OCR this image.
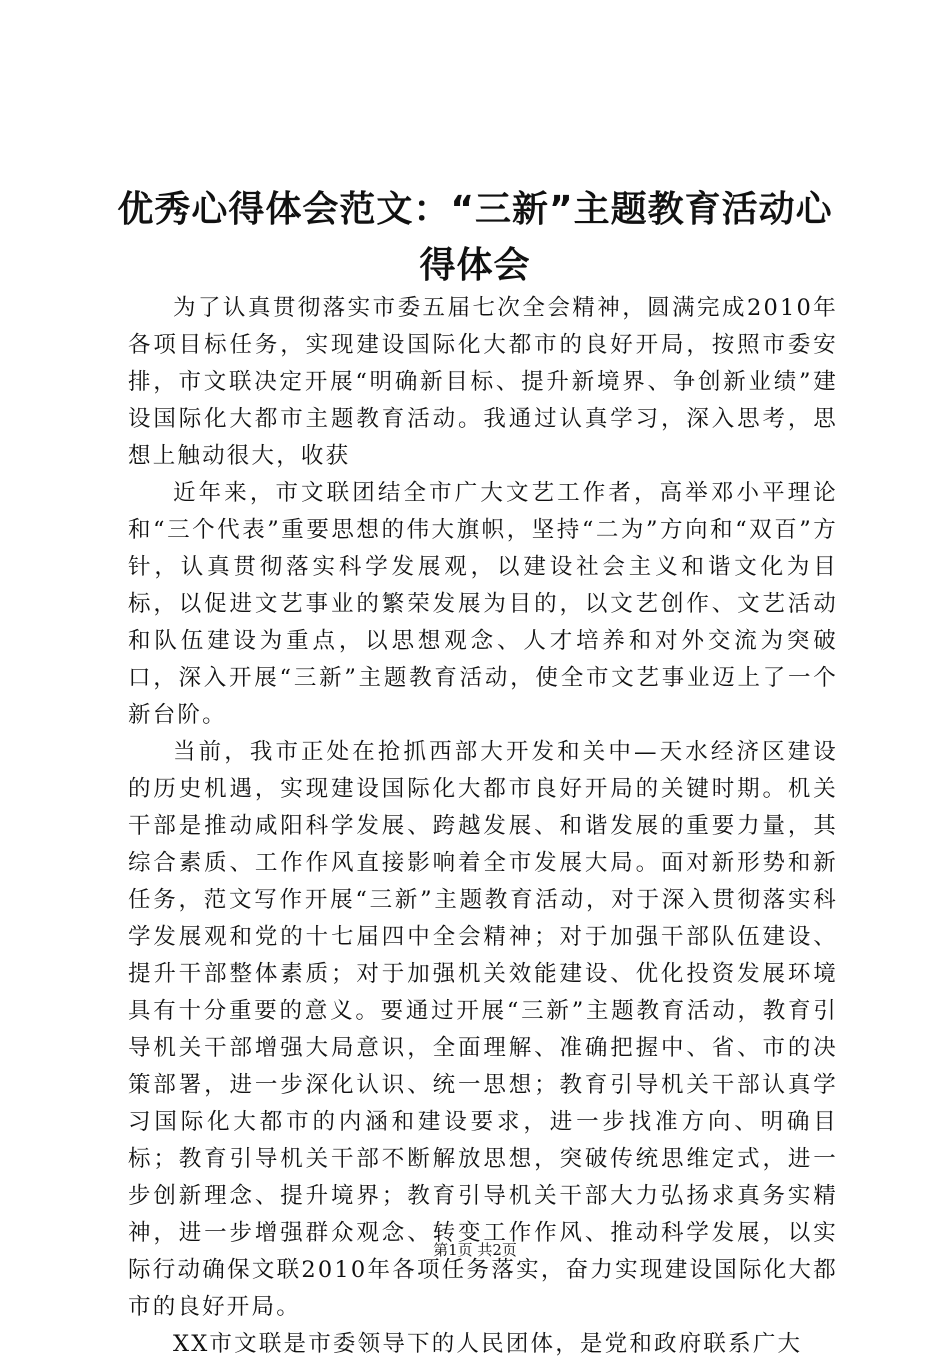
优秀心得体会范文：“三新”主题教育活动心得体会

为了认真贯彻落实市委五届七次全会精神，圆满完成2010年各项目标任务，实现建设国际化大都市的良好开局，按照市委安排，市文联决定开展“明确新目标、提升新境界、争创新业绩”建设国际化大都市主题教育活动。我通过认真学习，深入思考，思想上触动很大，收获

近年来，市文联团结全市广大文艺工作者，高举邓小平理论和“三个代表”重要思想的伟大旗帜，坚持“二为”方向和“双百”方针，认真贯彻落实科学发展观，以建设社会主义和谐文化为目标，以促进文艺事业的繁荣发展为目的，以文艺创作、文艺活动和队伍建设为重点，以思想观念、人才培养和对外交流为突破口，深入开展“三新”主题教育活动，使全市文艺事业迈上了一个新台阶。

当前，我市正处在抢抓西部大开发和关中—天水经济区建设的历史机遇，实现建设国际化大都市良好开局的关键时期。机关干部是推动咸阳科学发展、跨越发展、和谐发展的重要力量，其综合素质、工作作风直接影响着全市发展大局。面对新形势和新任务，范文写作开展“三新”主题教育活动，对于深入贯彻落实科学发展观和党的十七届四中全会精神；对于加强干部队伍建设、提升干部整体素质；对于加强机关效能建设、优化投资发展环境具有十分重要的意义。要通过开展“三新”主题教育活动，教育引导机关干部增强大局意识，全面理解、准确把握中、省、市的决策部署，进一步深化认识、统一思想；教育引导机关干部认真学习国际化大都市的内涵和建设要求，进一步找准方向、明确目标；教育引导机关干部不断解放思想，突破传统思维定式，进一步创新理念、提升境界；教育引导机关干部大力弘扬求真务实精神，进一步增强群众观念、转变工作作风、推动科学发展，以实际行动确保文联2010年各项任务落实，奋力实现建设国际化大都市的良好开局。

XX市文联是市委领导下的人民团体，是党和政府联系广大

第1页 共2页
